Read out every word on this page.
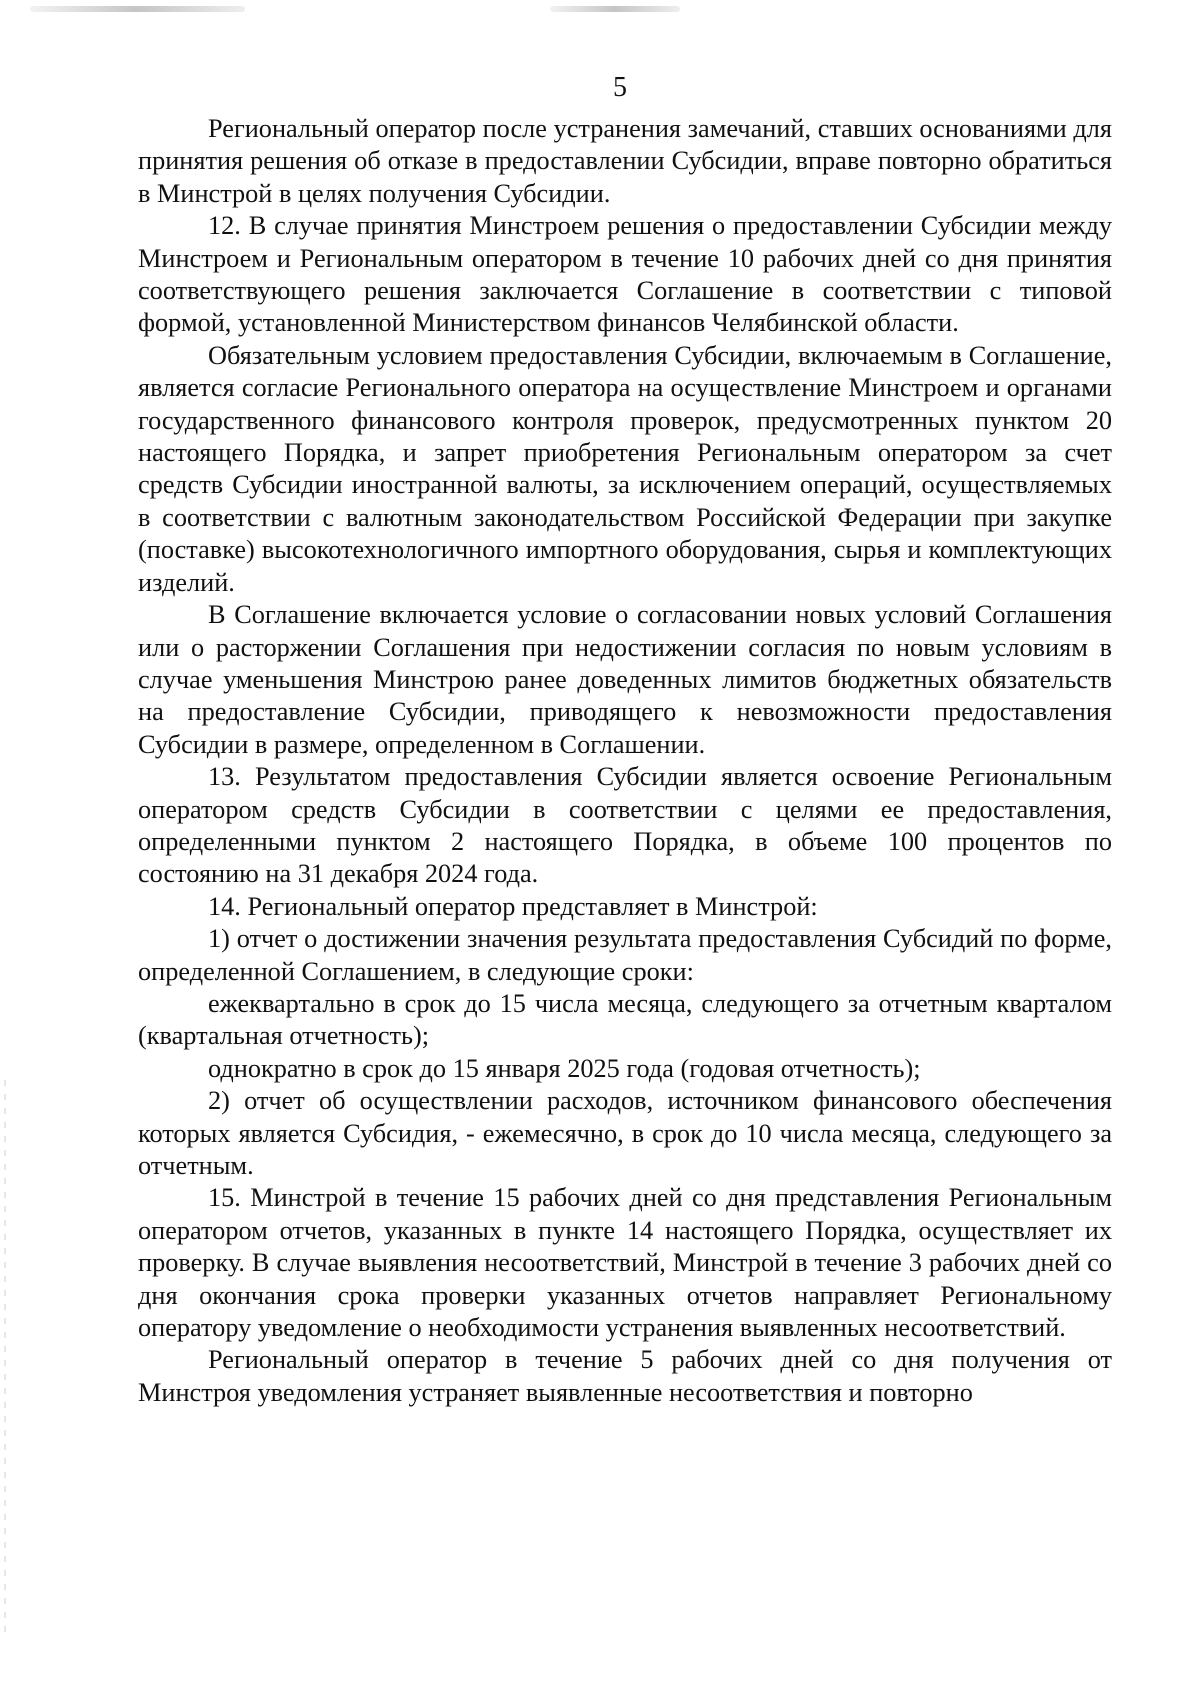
5

Региональный оператор после устранения замечаний, ставших основаниями для принятия решения об отказе в предоставлении Субсидии, вправе повторно обратиться в Минстрой в целях получения Субсидии.

12. В случае принятия Минстроем решения о предоставлении Субсидии между Минстроем и Региональным оператором в течение 10 рабочих дней со дня принятия соответствующего решения заключается Соглашение в соответствии с типовой формой, установленной Министерством финансов Челябинской области.

Обязательным условием предоставления Субсидии, включаемым в Соглашение, является согласие Регионального оператора на осуществление Минстроем и органами государственного финансового контроля проверок, предусмотренных пунктом 20 настоящего Порядка, и запрет приобретения Региональным оператором за счет средств Субсидии иностранной валюты, за исключением операций, осуществляемых в соответствии с валютным законодательством Российской Федерации при закупке (поставке) высокотехнологичного импортного оборудования, сырья и комплектующих изделий.

В Соглашение включается условие о согласовании новых условий Соглашения или о расторжении Соглашения при недостижении согласия по новым условиям в случае уменьшения Минстрою ранее доведенных лимитов бюджетных обязательств на предоставление Субсидии, приводящего к невозможности предоставления Субсидии в размере, определенном в Соглашении.

13. Результатом предоставления Субсидии является освоение Региональным оператором средств Субсидии в соответствии с целями ее предоставления, определенными пунктом 2 настоящего Порядка, в объеме 100 процентов по состоянию на 31 декабря 2024 года.

14. Региональный оператор представляет в Минстрой:

1) отчет о достижении значения результата предоставления Субсидий по форме, определенной Соглашением, в следующие сроки:

ежеквартально в срок до 15 числа месяца, следующего за отчетным кварталом (квартальная отчетность);

однократно в срок до 15 января 2025 года (годовая отчетность);

2) отчет об осуществлении расходов, источником финансового обеспечения которых является Субсидия, - ежемесячно, в срок до 10 числа месяца, следующего за отчетным.

15. Минстрой в течение 15 рабочих дней со дня представления Региональным оператором отчетов, указанных в пункте 14 настоящего Порядка, осуществляет их проверку. В случае выявления несоответствий, Минстрой в течение 3 рабочих дней со дня окончания срока проверки указанных отчетов направляет Региональному оператору уведомление о необходимости устранения выявленных несоответствий.

Региональный оператор в течение 5 рабочих дней со дня получения от Минстроя уведомления устраняет выявленные несоответствия и повторно
